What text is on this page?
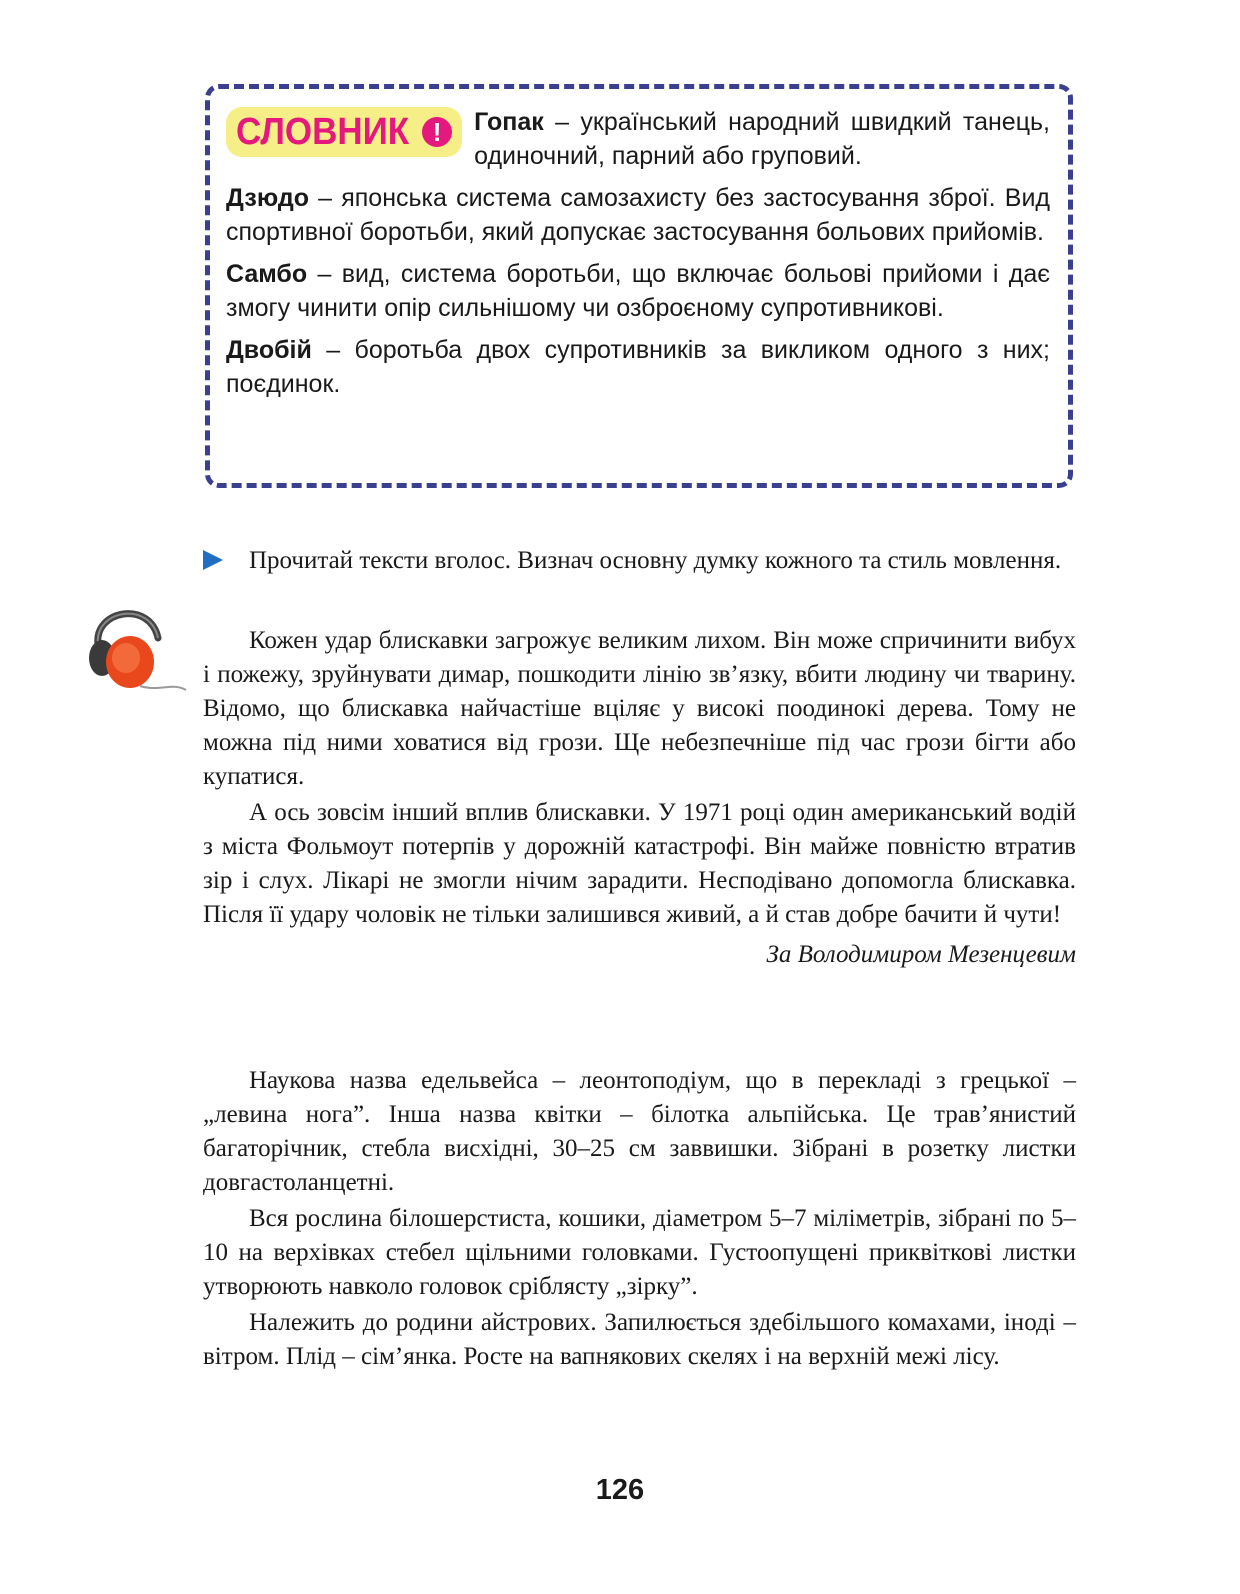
СЛОВНИК !	Гопак – український народний швидкий танець, одиночний, парний або груповий.

Дзюдо – японська система самозахисту без застосування зброї. Вид спортивної боротьби, який допускає застосування больових прийомів.

Самбо – вид, система боротьби, що включає больові прийоми і дає змогу чинити опір сильнішому чи озброєному супротивникові.

Двобій – боротьба двох супротивників за викликом одного з них; поєдинок.

Прочитай тексти вголос. Визнач основну думку кожного та стиль мовлення.

Кожен удар блискавки загрожує великим лихом. Він може спричинити вибух і пожежу, зруйнувати димар, пошкодити лінію зв’язку, вбити людину чи тварину. Відомо, що блискавка найчастіше вціляє у високі поодинокі дерева. Тому не можна під ними ховатися від грози. Ще небезпечніше під час грози бігти або купатися.

А ось зовсім інший вплив блискавки. У 1971 році один американський водій з міста Фольмоут потерпів у дорожній катастрофі. Він майже повністю втратив зір і слух. Лікарі не змогли нічим зарадити. Несподівано допомогла блискавка. Після її удару чоловік не тільки залишився живий, а й став добре бачити й чути!

За Володимиром Мезенцевим

Наукова назва едельвейса – леонтоподіум, що в перекладі з грецької – „левина нога”. Інша назва квітки – білотка альпійська. Це трав’янистий багаторічник, стебла висхідні, 30–25 см заввишки. Зібрані в розетку листки довгастоланцетні.

Вся рослина білошерстиста, кошики, діаметром 5–7 міліметрів, зібрані по 5–10 на верхівках стебел щільними головками. Густоопущені приквіткові листки утворюють навколо головок сріблясту „зірку”.

Належить до родини айстрових. Запилюється здебільшого комахами, іноді – вітром. Плід – сім’янка. Росте на вапнякових скелях і на верхній межі лісу.

126
